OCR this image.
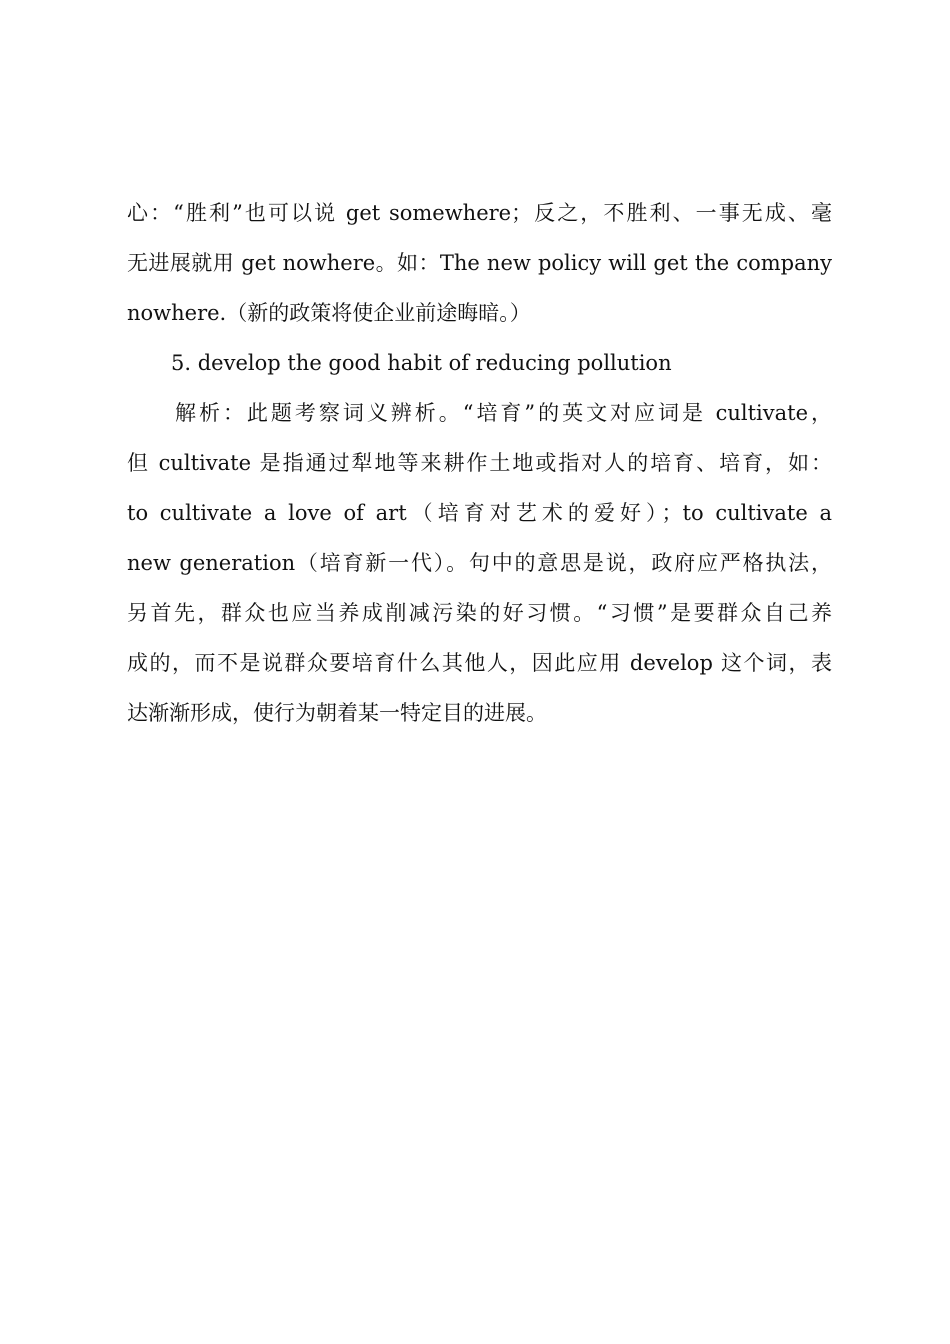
心：“胜利”也可以说 get somewhere；反之，不胜利、一事无成、毫
无进展就用 get nowhere。如：The new policy will get the company
nowhere.（新的政策将使企业前途晦暗。）
5. develop the good habit of reducing pollution
解析：此题考察词义辨析。“培育”的英文对应词是 cultivate，
但 cultivate 是指通过犁地等来耕作土地或指对人的培育、培育，如：
to cultivate a love of art（培育对艺术的爱好）；to cultivate a
new generation（培育新一代）。句中的意思是说，政府应严格执法，
另首先，群众也应当养成削减污染的好习惯。“习惯”是要群众自己养
成的，而不是说群众要培育什么其他人，因此应用 develop 这个词，表
达渐渐形成，使行为朝着某一特定目的进展。
